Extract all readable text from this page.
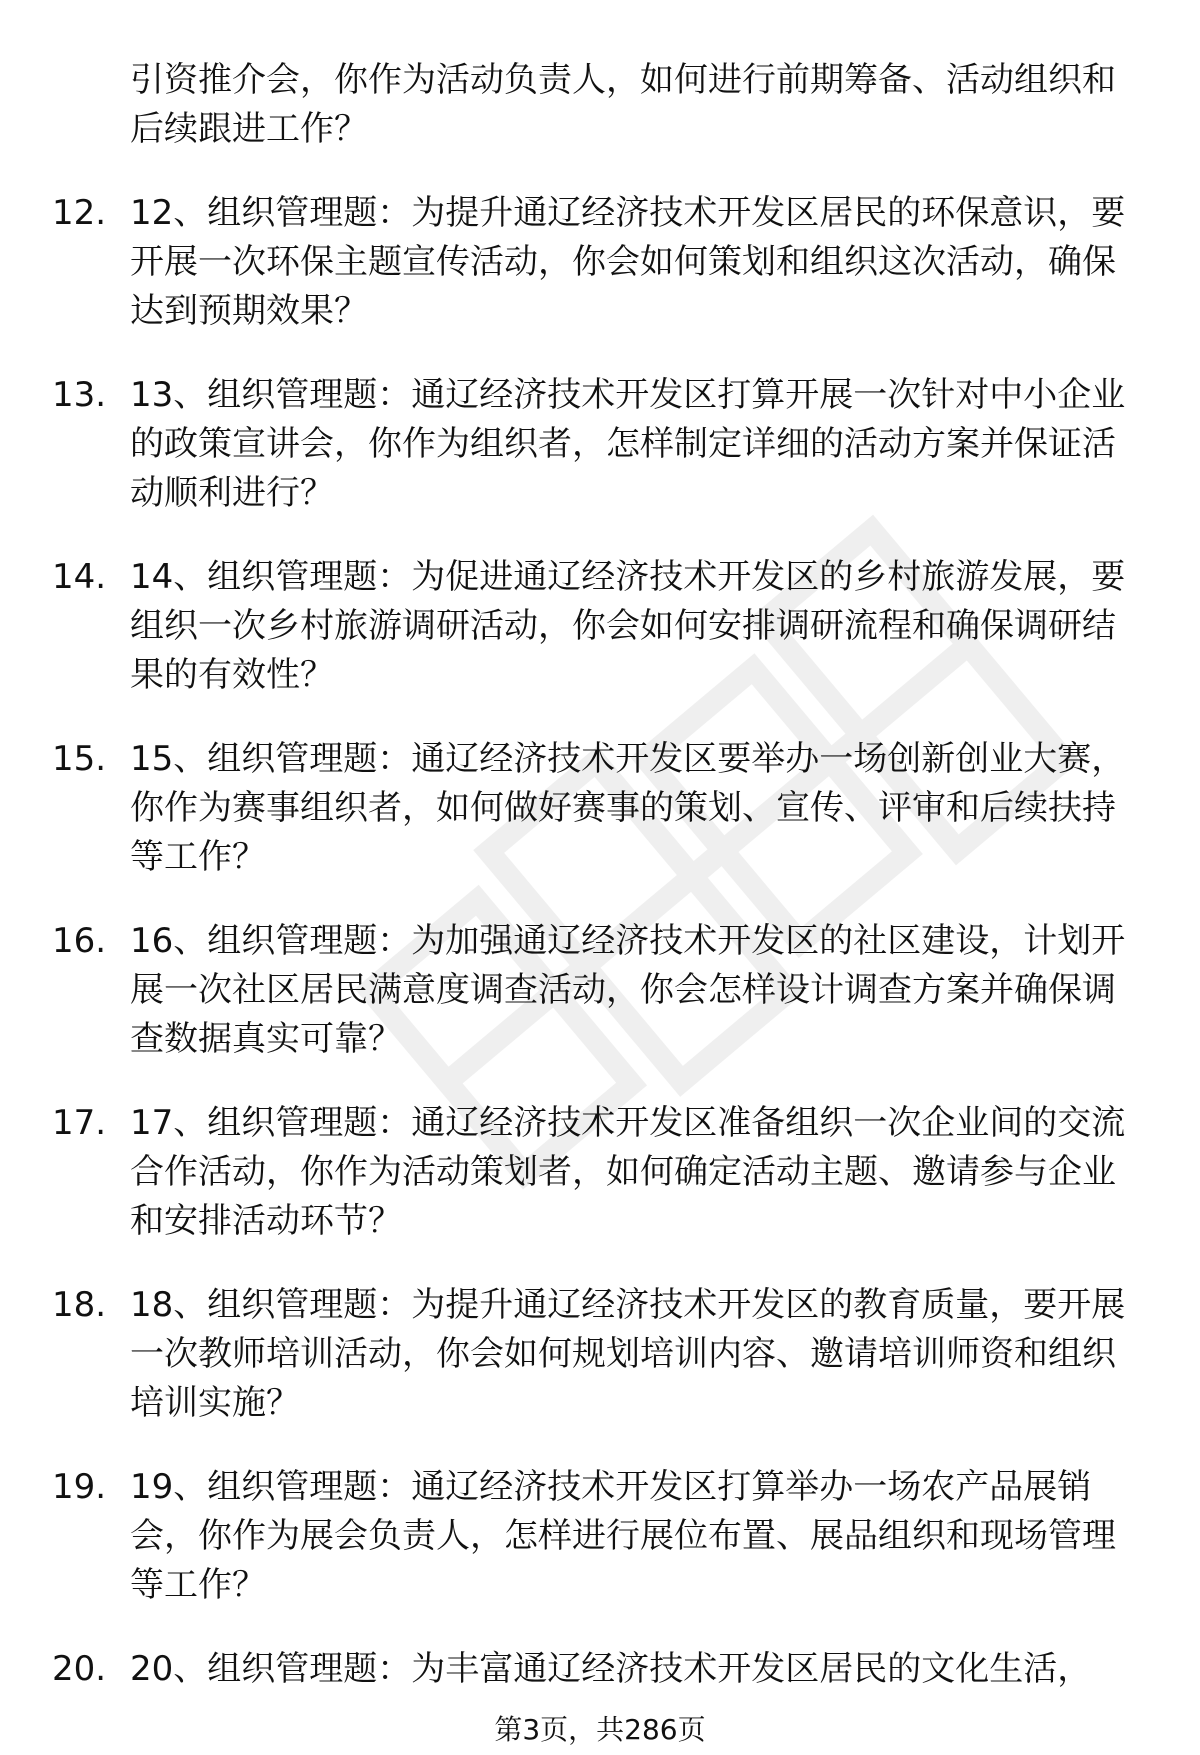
引资推介会，你作为活动负责人，如何进行前期筹备、活动组织和后续跟进工作？
12. 12、组织管理题：为提升通辽经济技术开发区居民的环保意识，要开展一次环保主题宣传活动，你会如何策划和组织这次活动，确保达到预期效果？
13. 13、组织管理题：通辽经济技术开发区打算开展一次针对中小企业的政策宣讲会，你作为组织者，怎样制定详细的活动方案并保证活动顺利进行？
14. 14、组织管理题：为促进通辽经济技术开发区的乡村旅游发展，要组织一次乡村旅游调研活动，你会如何安排调研流程和确保调研结果的有效性？
15. 15、组织管理题：通辽经济技术开发区要举办一场创新创业大赛，你作为赛事组织者，如何做好赛事的策划、宣传、评审和后续扶持等工作？
16. 16、组织管理题：为加强通辽经济技术开发区的社区建设，计划开展一次社区居民满意度调查活动，你会怎样设计调查方案并确保调查数据真实可靠？
17. 17、组织管理题：通辽经济技术开发区准备组织一次企业间的交流合作活动，你作为活动策划者，如何确定活动主题、邀请参与企业和安排活动环节？
18. 18、组织管理题：为提升通辽经济技术开发区的教育质量，要开展一次教师培训活动，你会如何规划培训内容、邀请培训师资和组织培训实施？
19. 19、组织管理题：通辽经济技术开发区打算举办一场农产品展销会，你作为展会负责人，怎样进行展位布置、展品组织和现场管理等工作？
20. 20、组织管理题：为丰富通辽经济技术开发区居民的文化生活，
第3页，共286页
